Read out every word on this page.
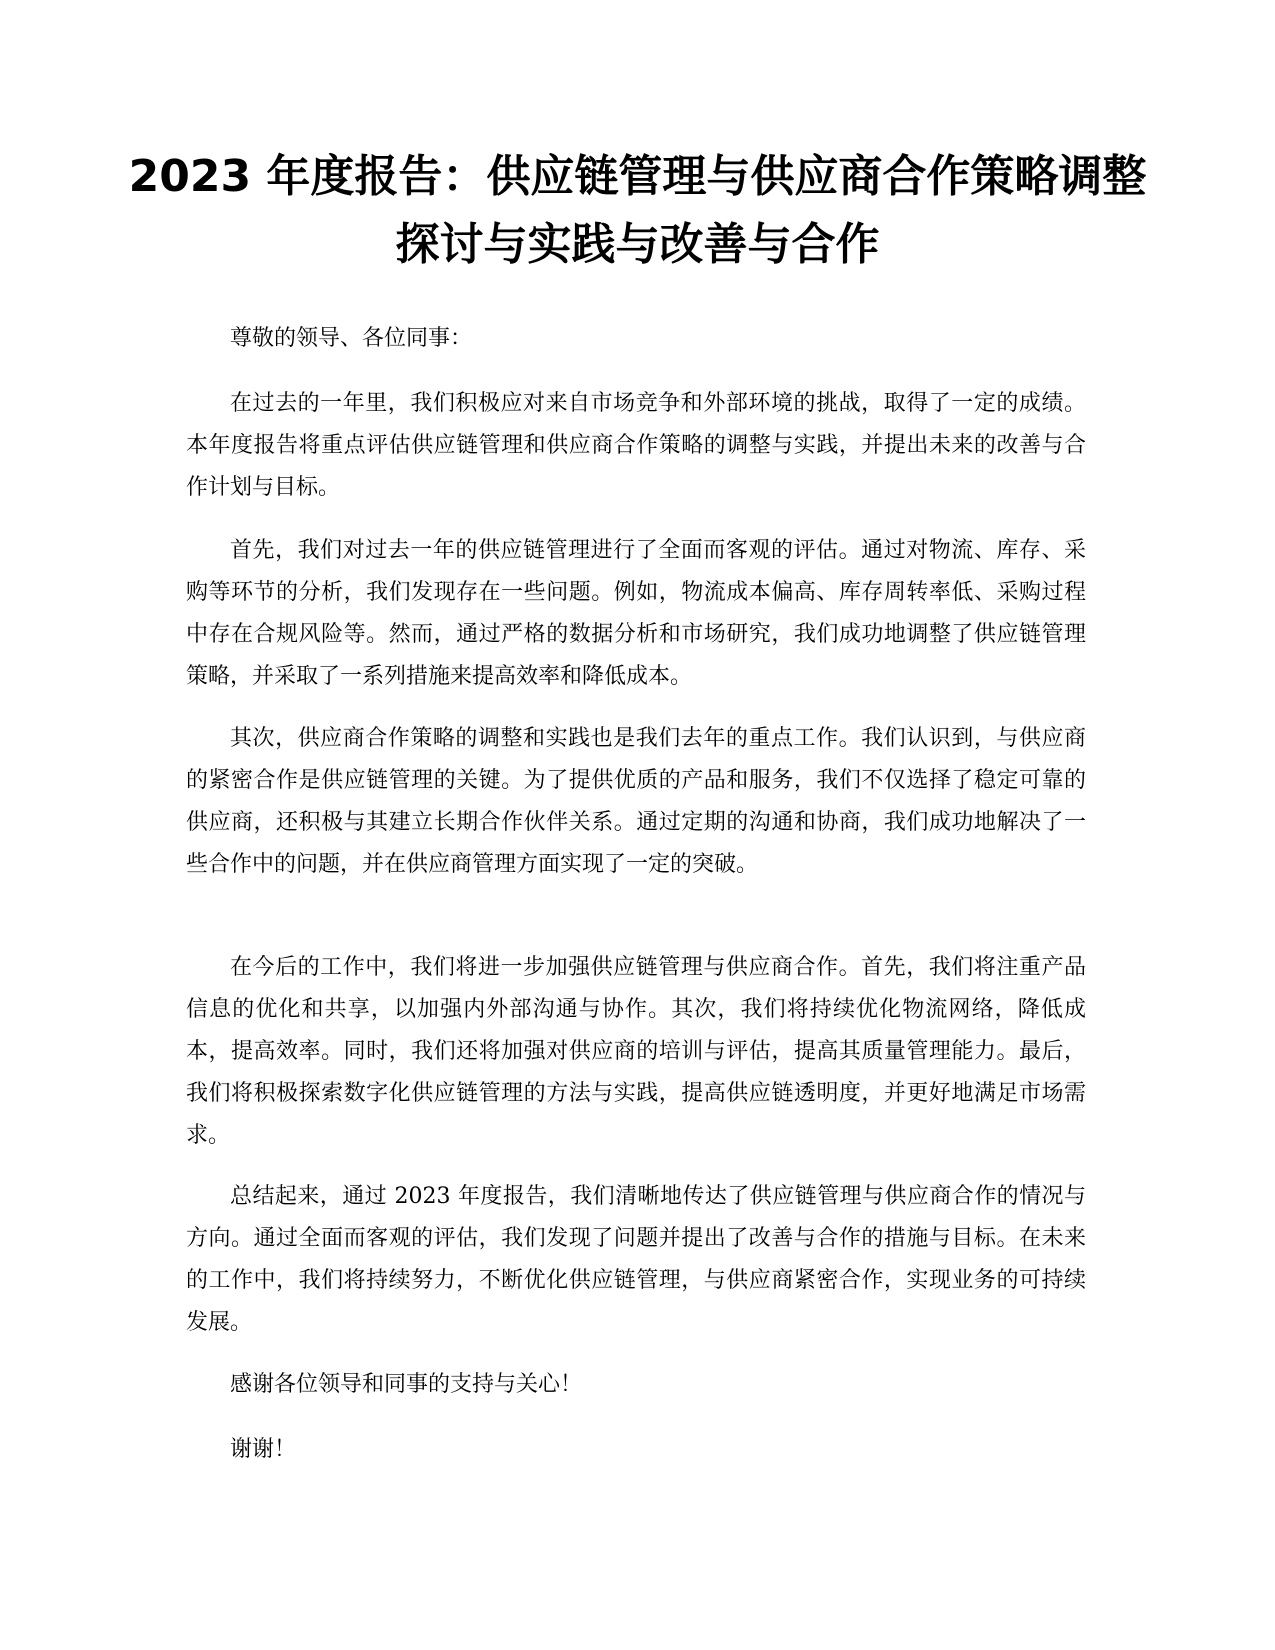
2023 年度报告：供应链管理与供应商合作策略调整探讨与实践与改善与合作

尊敬的领导、各位同事：

在过去的一年里，我们积极应对来自市场竞争和外部环境的挑战，取得了一定的成绩。本年度报告将重点评估供应链管理和供应商合作策略的调整与实践，并提出未来的改善与合作计划与目标。

首先，我们对过去一年的供应链管理进行了全面而客观的评估。通过对物流、库存、采购等环节的分析，我们发现存在一些问题。例如，物流成本偏高、库存周转率低、采购过程中存在合规风险等。然而，通过严格的数据分析和市场研究，我们成功地调整了供应链管理策略，并采取了一系列措施来提高效率和降低成本。

其次，供应商合作策略的调整和实践也是我们去年的重点工作。我们认识到，与供应商的紧密合作是供应链管理的关键。为了提供优质的产品和服务，我们不仅选择了稳定可靠的供应商，还积极与其建立长期合作伙伴关系。通过定期的沟通和协商，我们成功地解决了一些合作中的问题，并在供应商管理方面实现了一定的突破。

在今后的工作中，我们将进一步加强供应链管理与供应商合作。首先，我们将注重产品信息的优化和共享，以加强内外部沟通与协作。其次，我们将持续优化物流网络，降低成本，提高效率。同时，我们还将加强对供应商的培训与评估，提高其质量管理能力。最后，我们将积极探索数字化供应链管理的方法与实践，提高供应链透明度，并更好地满足市场需求。

总结起来，通过 2023 年度报告，我们清晰地传达了供应链管理与供应商合作的情况与方向。通过全面而客观的评估，我们发现了问题并提出了改善与合作的措施与目标。在未来的工作中，我们将持续努力，不断优化供应链管理，与供应商紧密合作，实现业务的可持续发展。

感谢各位领导和同事的支持与关心！

谢谢！
